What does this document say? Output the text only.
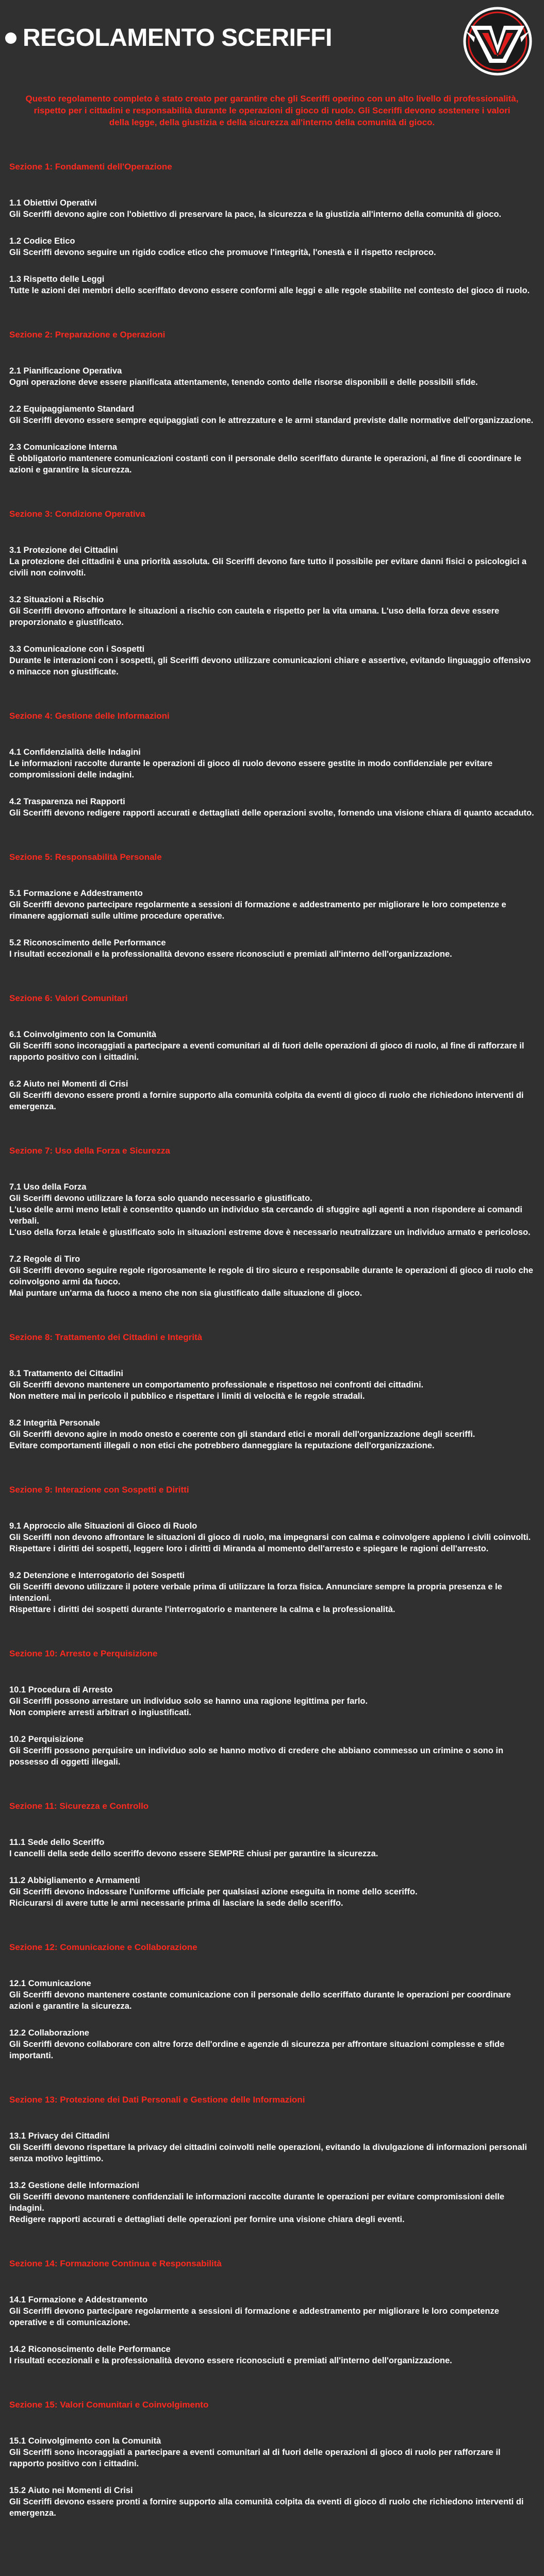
REGOLAMENTO SCERIFFI
Questo regolamento completo è stato creato per garantire che gli Sceriffi operino con un alto livello di professionalità, rispetto per i cittadini e responsabilità durante le operazioni di gioco di ruolo. Gli Sceriffi devono sostenere i valori della legge, della giustizia e della sicurezza all'interno della comunità di gioco.
Sezione 1: Fondamenti dell'Operazione
1.1 Obiettivi Operativi
Gli Sceriffi devono agire con l'obiettivo di preservare la pace, la sicurezza e la giustizia all'interno della comunità di gioco.
1.2 Codice Etico
Gli Sceriffi devono seguire un rigido codice etico che promuove l'integrità, l'onestà e il rispetto reciproco.
1.3 Rispetto delle Leggi
Tutte le azioni dei membri dello sceriffato devono essere conformi alle leggi e alle regole stabilite nel contesto del gioco di ruolo.
Sezione 2: Preparazione e Operazioni
2.1 Pianificazione Operativa
Ogni operazione deve essere pianificata attentamente, tenendo conto delle risorse disponibili e delle possibili sfide.
2.2 Equipaggiamento Standard
Gli Sceriffi devono essere sempre equipaggiati con le attrezzature e le armi standard previste dalle normative dell'organizzazione.
2.3 Comunicazione Interna
È obbligatorio mantenere comunicazioni costanti con il personale dello sceriffato durante le operazioni, al fine di coordinare le azioni e garantire la sicurezza.
Sezione 3: Condizione Operativa
3.1 Protezione dei Cittadini
La protezione dei cittadini è una priorità assoluta. Gli Sceriffi devono fare tutto il possibile per evitare danni fisici o psicologici a civili non coinvolti.
3.2 Situazioni a Rischio
Gli Sceriffi devono affrontare le situazioni a rischio con cautela e rispetto per la vita umana. L'uso della forza deve essere proporzionato e giustificato.
3.3 Comunicazione con i Sospetti
Durante le interazioni con i sospetti, gli Sceriffi devono utilizzare comunicazioni chiare e assertive, evitando linguaggio offensivo o minacce non giustificate.
Sezione 4: Gestione delle Informazioni
4.1 Confidenzialità delle Indagini
Le informazioni raccolte durante le operazioni di gioco di ruolo devono essere gestite in modo confidenziale per evitare compromissioni delle indagini.
4.2 Trasparenza nei Rapporti
Gli Sceriffi devono redigere rapporti accurati e dettagliati delle operazioni svolte, fornendo una visione chiara di quanto accaduto.
Sezione 5: Responsabilità Personale
5.1 Formazione e Addestramento
Gli Sceriffi devono partecipare regolarmente a sessioni di formazione e addestramento per migliorare le loro competenze e rimanere aggiornati sulle ultime procedure operative.
5.2 Riconoscimento delle Performance
I risultati eccezionali e la professionalità devono essere riconosciuti e premiati all'interno dell'organizzazione.
Sezione 6: Valori Comunitari
6.1 Coinvolgimento con la Comunità
Gli Sceriffi sono incoraggiati a partecipare a eventi comunitari al di fuori delle operazioni di gioco di ruolo, al fine di rafforzare il rapporto positivo con i cittadini.
6.2 Aiuto nei Momenti di Crisi
Gli Sceriffi devono essere pronti a fornire supporto alla comunità colpita da eventi di gioco di ruolo che richiedono interventi di emergenza.
Sezione 7: Uso della Forza e Sicurezza
7.1 Uso della Forza
Gli Sceriffi devono utilizzare la forza solo quando necessario e giustificato.
L'uso delle armi meno letali è consentito quando un individuo sta cercando di sfuggire agli agenti a non rispondere ai comandi verbali.
L'uso della forza letale è giustificato solo in situazioni estreme dove è necessario neutralizzare un individuo armato e pericoloso.
7.2 Regole di Tiro
Gli Sceriffi devono seguire regole rigorosamente le regole di tiro sicuro e responsabile durante le operazioni di gioco di ruolo che coinvolgono armi da fuoco.
Mai puntare un'arma da fuoco a meno che non sia giustificato dalle situazione di gioco.
Sezione 8: Trattamento dei Cittadini e Integrità
8.1 Trattamento dei Cittadini
Gli Sceriffi devono mantenere un comportamento professionale e rispettoso nei confronti dei cittadini.
Non mettere mai in pericolo il pubblico e rispettare i limiti di velocità e le regole stradali.
8.2 Integrità Personale
Gli Sceriffi devono agire in modo onesto e coerente con gli standard etici e morali dell'organizzazione degli sceriffi.
Evitare comportamenti illegali o non etici che potrebbero danneggiare la reputazione dell'organizzazione.
Sezione 9: Interazione con Sospetti e Diritti
9.1 Approccio alle Situazioni di Gioco di Ruolo
Gli Sceriffi non devono affrontare le situazioni di gioco di ruolo, ma impegnarsi con calma e coinvolgere appieno i civili coinvolti.
Rispettare i diritti dei sospetti, leggere loro i diritti di Miranda al momento dell'arresto e spiegare le ragioni dell'arresto.
9.2 Detenzione e Interrogatorio dei Sospetti
Gli Sceriffi devono utilizzare il potere verbale prima di utilizzare la forza fisica. Annunciare sempre la propria presenza e le intenzioni.
Rispettare i diritti dei sospetti durante l'interrogatorio e mantenere la calma e la professionalità.
Sezione 10: Arresto e Perquisizione
10.1 Procedura di Arresto
Gli Sceriffi possono arrestare un individuo solo se hanno una ragione legittima per farlo.
Non compiere arresti arbitrari o ingiustificati.
10.2 Perquisizione
Gli Sceriffi possono perquisire un individuo solo se hanno motivo di credere che abbiano commesso un crimine o sono in possesso di oggetti illegali.
Sezione 11: Sicurezza e Controllo
11.1 Sede dello Sceriffo
I cancelli della sede dello sceriffo devono essere SEMPRE chiusi per garantire la sicurezza.
11.2 Abbigliamento e Armamenti
Gli Sceriffi devono indossare l'uniforme ufficiale per qualsiasi azione eseguita in nome dello sceriffo.
Ricicurarsi di avere tutte le armi necessarie prima di lasciare la sede dello sceriffo.
Sezione 12: Comunicazione e Collaborazione
12.1 Comunicazione
Gli Sceriffi devono mantenere costante comunicazione con il personale dello sceriffato durante le operazioni per coordinare azioni e garantire la sicurezza.
12.2 Collaborazione
Gli Sceriffi devono collaborare con altre forze dell'ordine e agenzie di sicurezza per affrontare situazioni complesse e sfide importanti.
Sezione 13: Protezione dei Dati Personali e Gestione delle Informazioni
13.1 Privacy dei Cittadini
Gli Sceriffi devono rispettare la privacy dei cittadini coinvolti nelle operazioni, evitando la divulgazione di informazioni personali senza motivo legittimo.
13.2 Gestione delle Informazioni
Gli Sceriffi devono mantenere confidenziali le informazioni raccolte durante le operazioni per evitare compromissioni delle indagini.
Redigere rapporti accurati e dettagliati delle operazioni per fornire una visione chiara degli eventi.
Sezione 14: Formazione Continua e Responsabilità
14.1 Formazione e Addestramento
Gli Sceriffi devono partecipare regolarmente a sessioni di formazione e addestramento per migliorare le loro competenze operative e di comunicazione.
14.2 Riconoscimento delle Performance
I risultati eccezionali e la professionalità devono essere riconosciuti e premiati all'interno dell'organizzazione.
Sezione 15: Valori Comunitari e Coinvolgimento
15.1 Coinvolgimento con la Comunità
Gli Sceriffi sono incoraggiati a partecipare a eventi comunitari al di fuori delle operazioni di gioco di ruolo per rafforzare il rapporto positivo con i cittadini.
15.2 Aiuto nei Momenti di Crisi
Gli Sceriffi devono essere pronti a fornire supporto alla comunità colpita da eventi di gioco di ruolo che richiedono interventi di emergenza.
